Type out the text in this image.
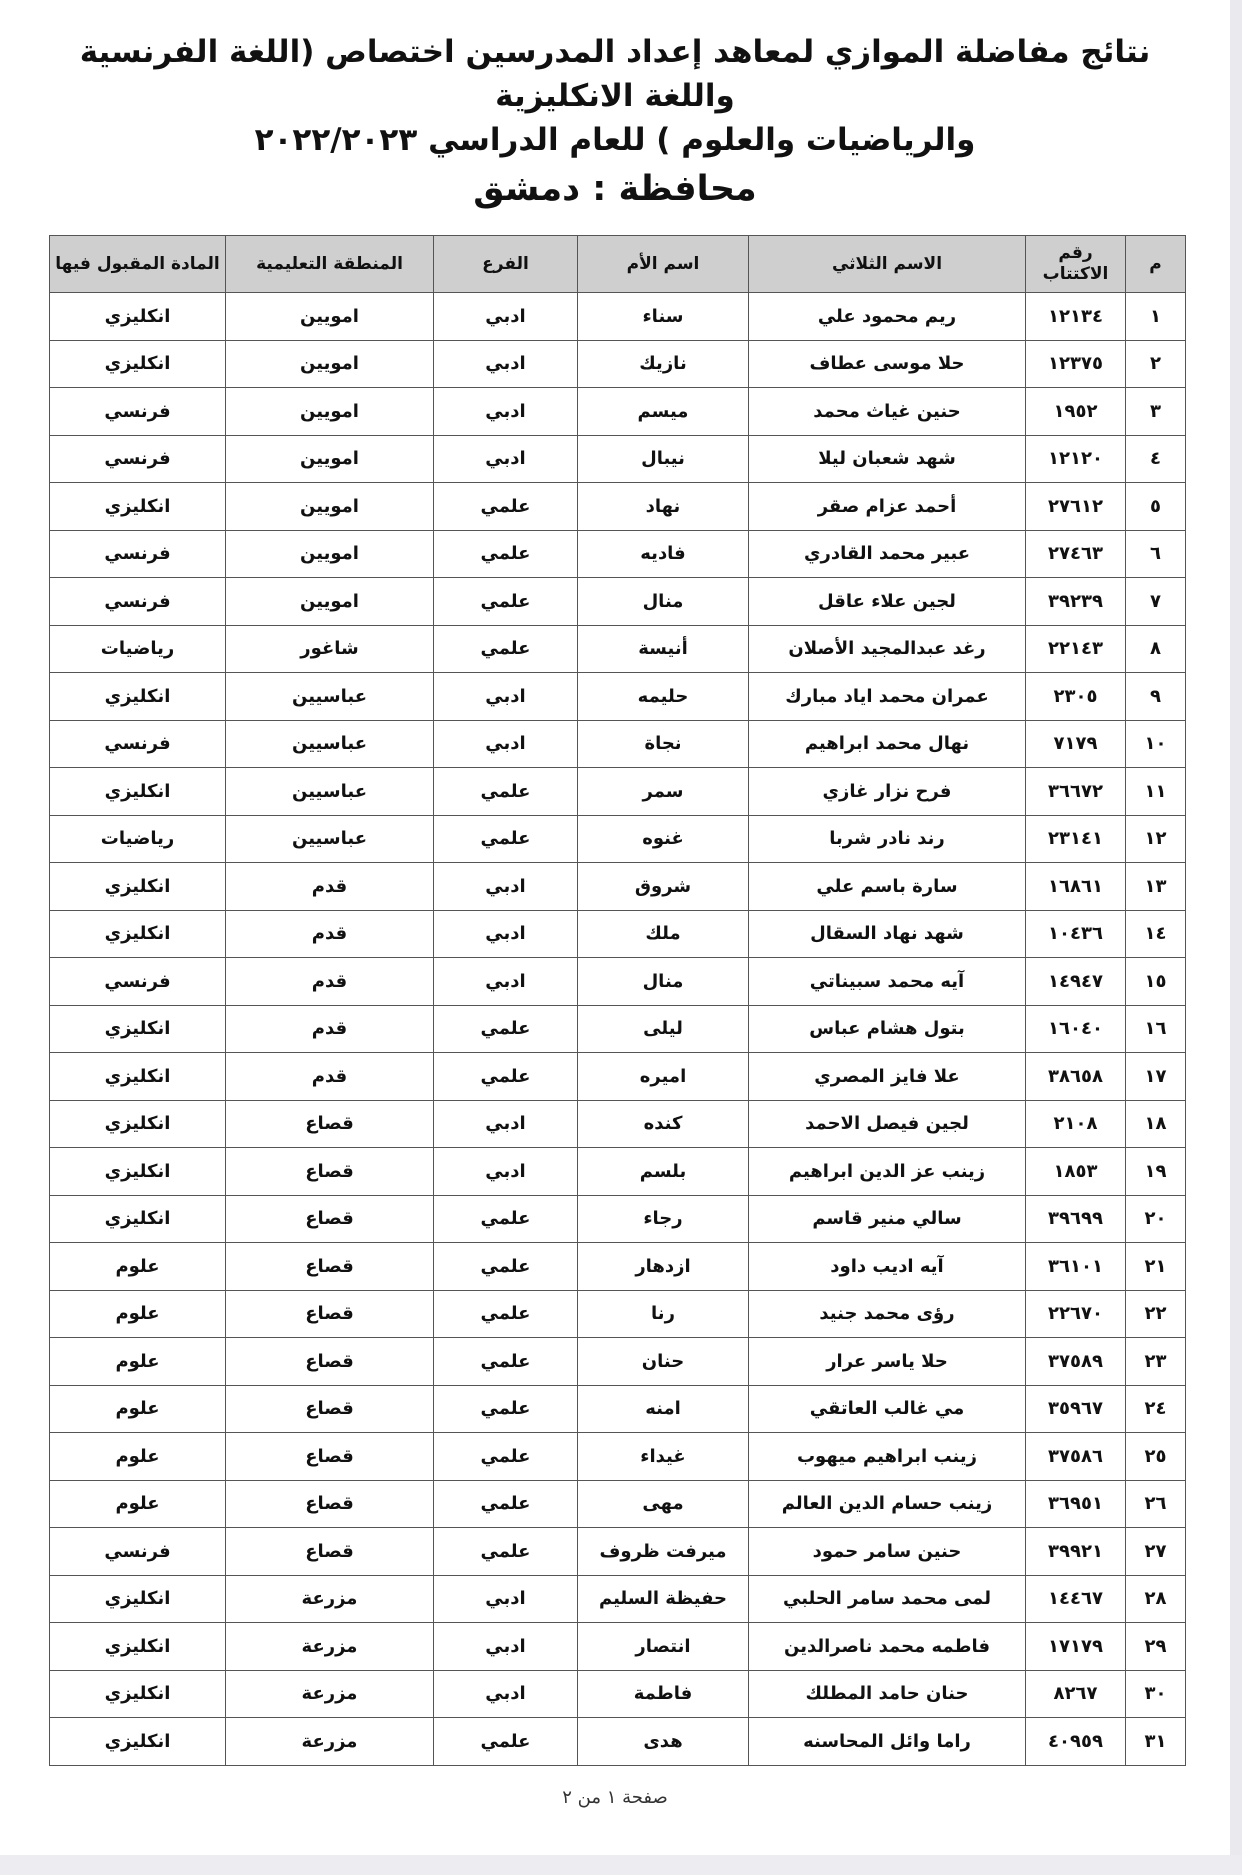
نتائج مفاضلة الموازي لمعاهد إعداد المدرسين اختصاص (اللغة الفرنسية واللغة الانكليزية
والرياضيات والعلوم ) للعام الدراسي ٢٠٢٢/٢٠٢٣
محافظة : دمشق
م	رقم الاكتتاب	الاسم الثلاثي	اسم الأم	الفرع	المنطقة التعليمية	المادة المقبول فيها
١	١٢١٣٤	ريم محمود علي	سناء	ادبي	امويين	انكليزي
٢	١٢٣٧٥	حلا موسى عطاف	نازيك	ادبي	امويين	انكليزي
٣	١٩٥٢	حنين غياث محمد	ميسم	ادبي	امويين	فرنسي
٤	١٢١٢٠	شهد شعبان ليلا	نيبال	ادبي	امويين	فرنسي
٥	٢٧٦١٢	أحمد عزام صقر	نهاد	علمي	امويين	انكليزي
٦	٢٧٤٦٣	عبير محمد القادري	فاديه	علمي	امويين	فرنسي
٧	٣٩٢٣٩	لجين علاء عاقل	منال	علمي	امويين	فرنسي
٨	٢٢١٤٣	رغد عبدالمجيد الأصلان	أنيسة	علمي	شاغور	رياضيات
٩	٢٣٠٥	عمران محمد اياد مبارك	حليمه	ادبي	عباسيين	انكليزي
١٠	٧١٧٩	نهال محمد ابراهيم	نجاة	ادبي	عباسيين	فرنسي
١١	٣٦٦٧٢	فرح نزار غازي	سمر	علمي	عباسيين	انكليزي
١٢	٢٣١٤١	رند نادر شربا	غنوه	علمي	عباسيين	رياضيات
١٣	١٦٨٦١	سارة باسم علي	شروق	ادبي	قدم	انكليزي
١٤	١٠٤٣٦	شهد نهاد السقال	ملك	ادبي	قدم	انكليزي
١٥	١٤٩٤٧	آيه محمد سبيناتي	منال	ادبي	قدم	فرنسي
١٦	١٦٠٤٠	بتول هشام عباس	ليلى	علمي	قدم	انكليزي
١٧	٣٨٦٥٨	علا فايز المصري	اميره	علمي	قدم	انكليزي
١٨	٢١٠٨	لجين فيصل الاحمد	كنده	ادبي	قصاع	انكليزي
١٩	١٨٥٣	زينب عز الدين ابراهيم	بلسم	ادبي	قصاع	انكليزي
٢٠	٣٩٦٩٩	سالي منير قاسم	رجاء	علمي	قصاع	انكليزي
٢١	٣٦١٠١	آيه اديب داود	ازدهار	علمي	قصاع	علوم
٢٢	٢٢٦٧٠	رؤى محمد جنيد	رنا	علمي	قصاع	علوم
٢٣	٣٧٥٨٩	حلا ياسر عرار	حنان	علمي	قصاع	علوم
٢٤	٣٥٩٦٧	مي غالب العاتقي	امنه	علمي	قصاع	علوم
٢٥	٣٧٥٨٦	زينب ابراهيم ميهوب	غيداء	علمي	قصاع	علوم
٢٦	٣٦٩٥١	زينب حسام الدين العالم	مهى	علمي	قصاع	علوم
٢٧	٣٩٩٢١	حنين سامر حمود	ميرفت ظروف	علمي	قصاع	فرنسي
٢٨	١٤٤٦٧	لمى محمد سامر الحلبي	حفيظة السليم	ادبي	مزرعة	انكليزي
٢٩	١٧١٧٩	فاطمه محمد ناصرالدين	انتصار	ادبي	مزرعة	انكليزي
٣٠	٨٢٦٧	حنان حامد المطلك	فاطمة	ادبي	مزرعة	انكليزي
٣١	٤٠٩٥٩	راما وائل المحاسنه	هدى	علمي	مزرعة	انكليزي
صفحة ١ من ٢
